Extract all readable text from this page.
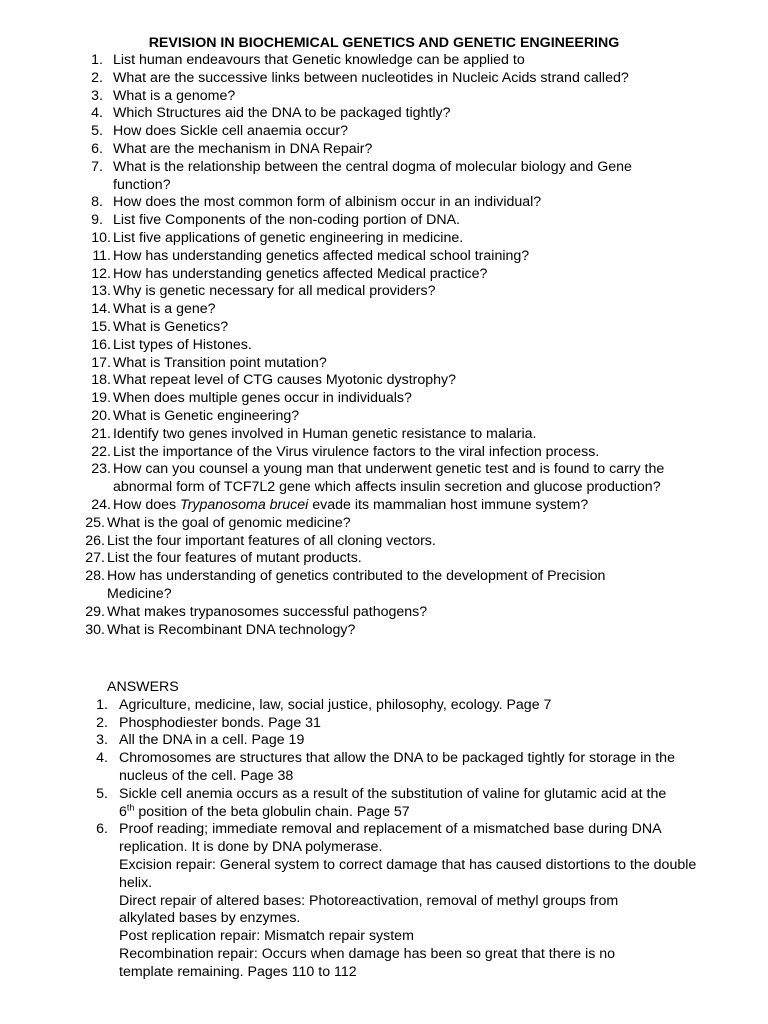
REVISION IN BIOCHEMICAL GENETICS AND GENETIC ENGINEERING
1. List human endeavours that Genetic knowledge can be applied to
2. What are the successive links between nucleotides in Nucleic Acids strand called?
3. What is a genome?
4. Which Structures aid the DNA to be packaged tightly?
5. How does Sickle cell anaemia occur?
6. What are the mechanism in DNA Repair?
7. What is the relationship between the central dogma of molecular biology and Gene function?
8. How does the most common form of albinism occur in an individual?
9. List five Components of the non-coding portion of DNA.
10. List five applications of genetic engineering in medicine.
11. How has understanding genetics affected medical school training?
12. How has understanding genetics affected Medical practice?
13. Why is genetic necessary for all medical providers?
14. What is a gene?
15. What is Genetics?
16. List types of Histones.
17. What is Transition point mutation?
18. What repeat level of CTG causes Myotonic dystrophy?
19. When does multiple genes occur in individuals?
20. What is Genetic engineering?
21. Identify two genes involved in Human genetic resistance to malaria.
22. List the importance of the Virus virulence factors to the viral infection process.
23. How can you counsel a young man that underwent genetic test and is found to carry the abnormal form of TCF7L2 gene which affects insulin secretion and glucose production?
24. How does Trypanosoma brucei evade its mammalian host immune system?
25. What is the goal of genomic medicine?
26. List the four important features of all cloning vectors.
27. List the four features of mutant products.
28. How has understanding of genetics contributed to the development of Precision Medicine?
29. What makes trypanosomes successful pathogens?
30. What is Recombinant DNA technology?
ANSWERS
1. Agriculture, medicine, law, social justice, philosophy, ecology. Page 7
2. Phosphodiester bonds. Page 31
3. All the DNA in a cell. Page 19
4. Chromosomes are structures that allow the DNA to be packaged tightly for storage in the nucleus of the cell. Page 38
5. Sickle cell anemia occurs as a result of the substitution of valine for glutamic acid at the 6th position of the beta globulin chain. Page 57
6. Proof reading; immediate removal and replacement of a mismatched base during DNA replication. It is done by DNA polymerase.

Excision repair: General system to correct damage that has caused distortions to the double helix.

Direct repair of altered bases: Photoreactivation, removal of methyl groups from alkylated bases by enzymes.

Post replication repair: Mismatch repair system

Recombination repair: Occurs when damage has been so great that there is no template remaining. Pages 110 to 112
